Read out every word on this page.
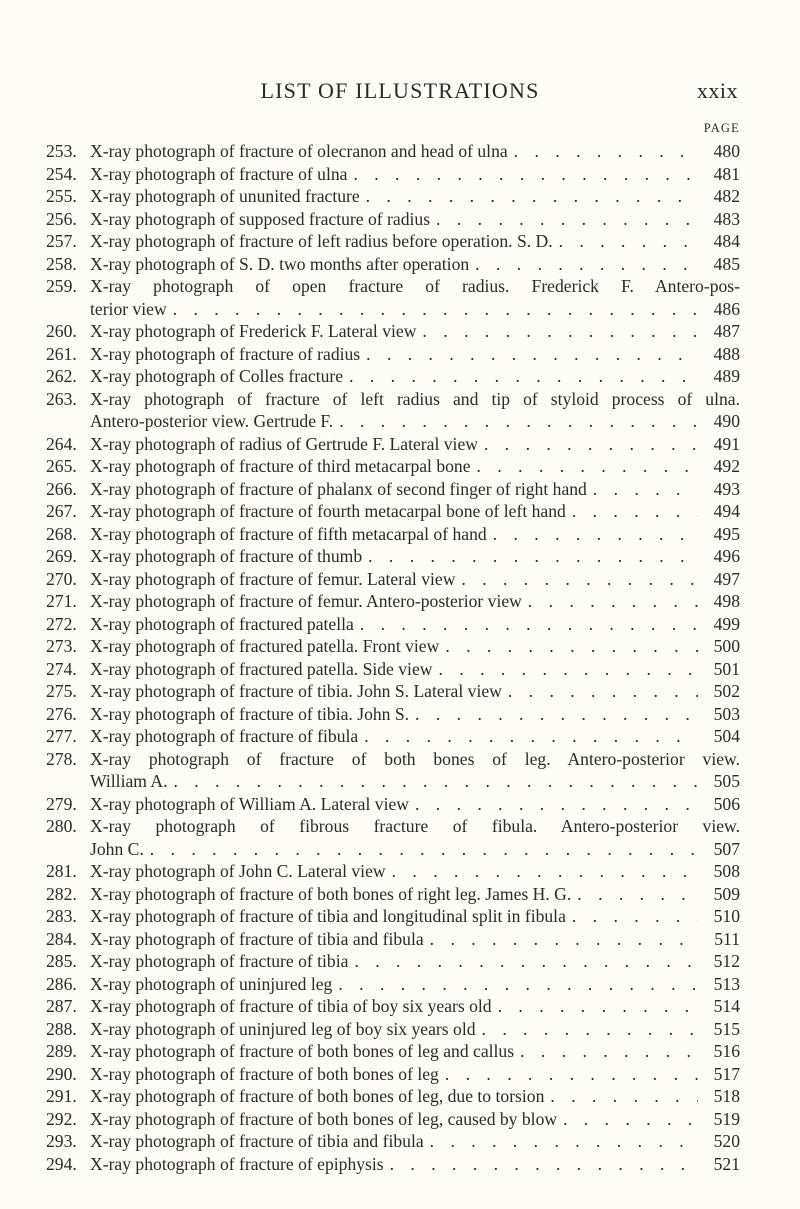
LIST OF ILLUSTRATIONS	xxix
PAGE
253. X-ray photograph of fracture of olecranon and head of ulna . . .	480
254. X-ray photograph of fracture of ulna . . .	481
255. X-ray photograph of ununited fracture . . .	482
256. X-ray photograph of supposed fracture of radius . . .	483
257. X-ray photograph of fracture of left radius before operation. S. D. . . .	484
258. X-ray photograph of S. D. two months after operation . . .	485
259. X-ray photograph of open fracture of radius. Frederick F. Antero-pos-
terior view . . .	486
260. X-ray photograph of Frederick F. Lateral view . . .	487
261. X-ray photograph of fracture of radius . . .	488
262. X-ray photograph of Colles fracture . . .	489
263. X-ray photograph of fracture of left radius and tip of styloid process of ulna.
Antero-posterior view. Gertrude F. . . .	490
264. X-ray photograph of radius of Gertrude F. Lateral view . . .	491
265. X-ray photograph of fracture of third metacarpal bone . . .	492
266. X-ray photograph of fracture of phalanx of second finger of right hand . . .	493
267. X-ray photograph of fracture of fourth metacarpal bone of left hand . . .	494
268. X-ray photograph of fracture of fifth metacarpal of hand . . .	495
269. X-ray photograph of fracture of thumb . . .	496
270. X-ray photograph of fracture of femur. Lateral view . . .	497
271. X-ray photograph of fracture of femur. Antero-posterior view . . .	498
272. X-ray photograph of fractured patella . . .	499
273. X-ray photograph of fractured patella. Front view . . .	500
274. X-ray photograph of fractured patella. Side view . . .	501
275. X-ray photograph of fracture of tibia. John S. Lateral view . . .	502
276. X-ray photograph of fracture of tibia. John S. . . .	503
277. X-ray photograph of fracture of fibula . . .	504
278. X-ray photograph of fracture of both bones of leg. Antero-posterior view.
William A. . . .	505
279. X-ray photograph of William A. Lateral view . . .	506
280. X-ray photograph of fibrous fracture of fibula. Antero-posterior view.
John C. . . .	507
281. X-ray photograph of John C. Lateral view . . .	508
282. X-ray photograph of fracture of both bones of right leg. James H. G. . . .	509
283. X-ray photograph of fracture of tibia and longitudinal split in fibula . . .	510
284. X-ray photograph of fracture of tibia and fibula . . .	511
285. X-ray photograph of fracture of tibia . . .	512
286. X-ray photograph of uninjured leg . . .	513
287. X-ray photograph of fracture of tibia of boy six years old . . .	514
288. X-ray photograph of uninjured leg of boy six years old . . .	515
289. X-ray photograph of fracture of both bones of leg and callus . . .	516
290. X-ray photograph of fracture of both bones of leg . . .	517
291. X-ray photograph of fracture of both bones of leg, due to torsion . . .	518
292. X-ray photograph of fracture of both bones of leg, caused by blow . . .	519
293. X-ray photograph of fracture of tibia and fibula . . .	520
294. X-ray photograph of fracture of epiphysis . . .	521
